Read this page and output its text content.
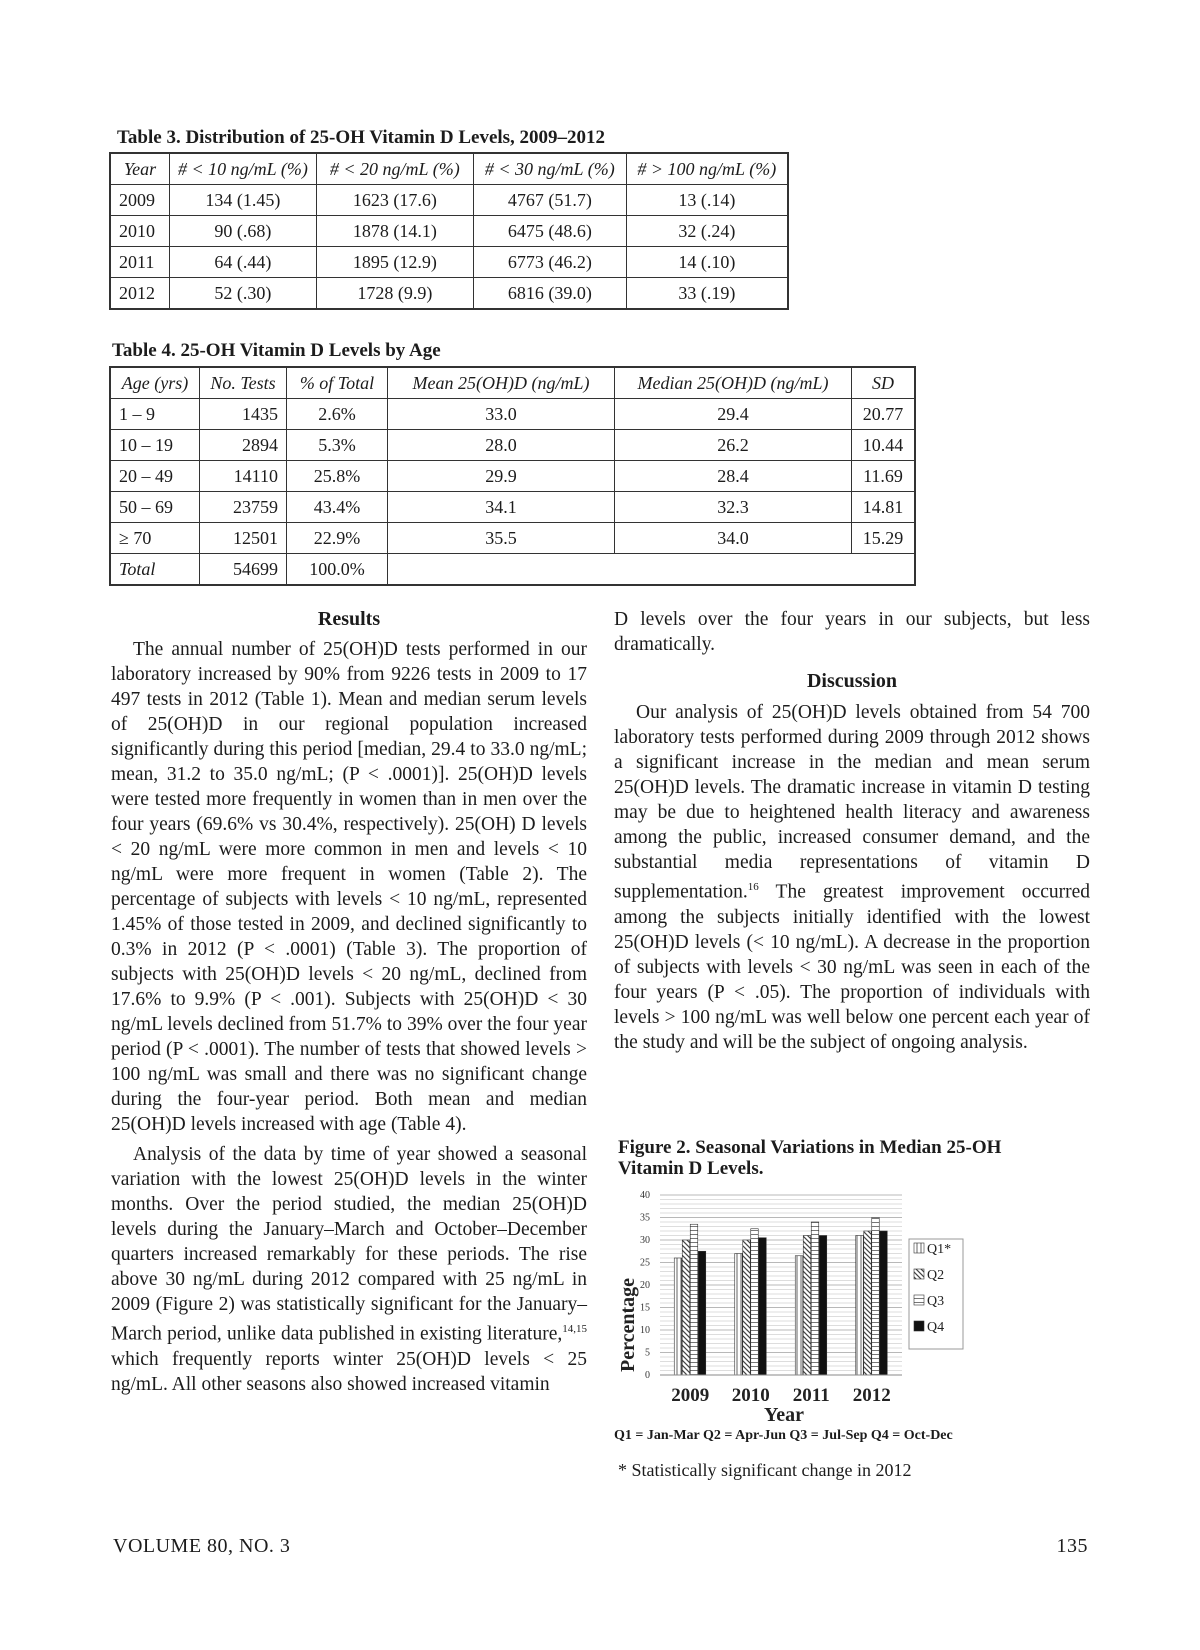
Table 3. Distribution of 25-OH Vitamin D Levels, 2009–2012
Year	# < 10 ng/mL (%)	# < 20 ng/mL (%)	# < 30 ng/mL (%)	# > 100 ng/mL (%)
2009	134 (1.45)	1623 (17.6)	4767 (51.7)	13 (.14)
2010	90 (.68)	1878 (14.1)	6475 (48.6)	32 (.24)
2011	64 (.44)	1895 (12.9)	6773 (46.2)	14 (.10)
2012	52 (.30)	1728 (9.9)	6816 (39.0)	33 (.19)
Table 4. 25-OH Vitamin D Levels by Age
Age (yrs)	No. Tests	% of Total	Mean 25(OH)D (ng/mL)	Median 25(OH)D (ng/mL)	SD
1 – 9	1435	2.6%	33.0	29.4	20.77
10 – 19	2894	5.3%	28.0	26.2	10.44
20 – 49	14110	25.8%	29.9	28.4	11.69
50 – 69	23759	43.4%	34.1	32.3	14.81
≥ 70	12501	22.9%	35.5	34.0	15.29
Total	54699	100.0%			
Results

The annual number of 25(OH)D tests performed in our laboratory increased by 90% from 9226 tests in 2009 to 17 497 tests in 2012 (Table 1). Mean and median serum levels of 25(OH)D in our regional population increased significantly during this period [median, 29.4 to 33.0 ng/mL; mean, 31.2 to 35.0 ng/mL; (P < .0001)]. 25(OH)D levels were tested more frequently in women than in men over the four years (69.6% vs 30.4%, respectively). 25(OH) D levels < 20 ng/mL were more common in men and levels < 10 ng/mL were more frequent in women (Table 2). The percentage of subjects with levels < 10 ng/mL, represented 1.45% of those tested in 2009, and declined significantly to 0.3% in 2012 (P < .0001) (Table 3). The proportion of subjects with 25(OH)D levels < 20 ng/mL, declined from 17.6% to 9.9% (P < .001). Subjects with 25(OH)D < 30 ng/mL levels declined from 51.7% to 39% over the four year period (P < .0001). The number of tests that showed levels > 100 ng/mL was small and there was no significant change during the four-year period. Both mean and median 25(OH)D levels increased with age (Table 4).

Analysis of the data by time of year showed a seasonal variation with the lowest 25(OH)D levels in the winter months. Over the period studied, the median 25(OH)D levels during the January–March and October–December quarters increased remarkably for these periods. The rise above 30 ng/mL during 2012 compared with 25 ng/mL in 2009 (Figure 2) was statistically significant for the January–March period, unlike data published in existing literature,$^{14,15}$ which frequently reports winter 25(OH)D levels < 25 ng/mL. All other seasons also showed increased vitamin

D levels over the four years in our subjects, but less dramatically.

Discussion

Our analysis of 25(OH)D levels obtained from 54 700 laboratory tests performed during 2009 through 2012 shows a significant increase in the median and mean serum 25(OH)D levels. The dramatic increase in vitamin D testing may be due to heightened health literacy and awareness among the public, increased consumer demand, and the substantial media representations of vitamin D supplementation.$^{16}$ The greatest improvement occurred among the subjects initially identified with the lowest 25(OH)D levels (< 10 ng/mL). A decrease in the proportion of subjects with levels < 30 ng/mL was seen in each of the four years (P < .05). The proportion of individuals with levels > 100 ng/mL was well below one percent each year of the study and will be the subject of ongoing analysis.

Figure 2. Seasonal Variations in Median 25-OH Vitamin D Levels.
0
5
10
15
20
25
30
35
40
2009 2010 2011 2012
Percentage
Year
Q1*
Q2
Q3
Q4
Q1 = Jan-Mar Q2 = Apr-Jun Q3 = Jul-Sep Q4 = Oct-Dec
* Statistically significant change in 2012
VOLUME 80, NO. 3	135
